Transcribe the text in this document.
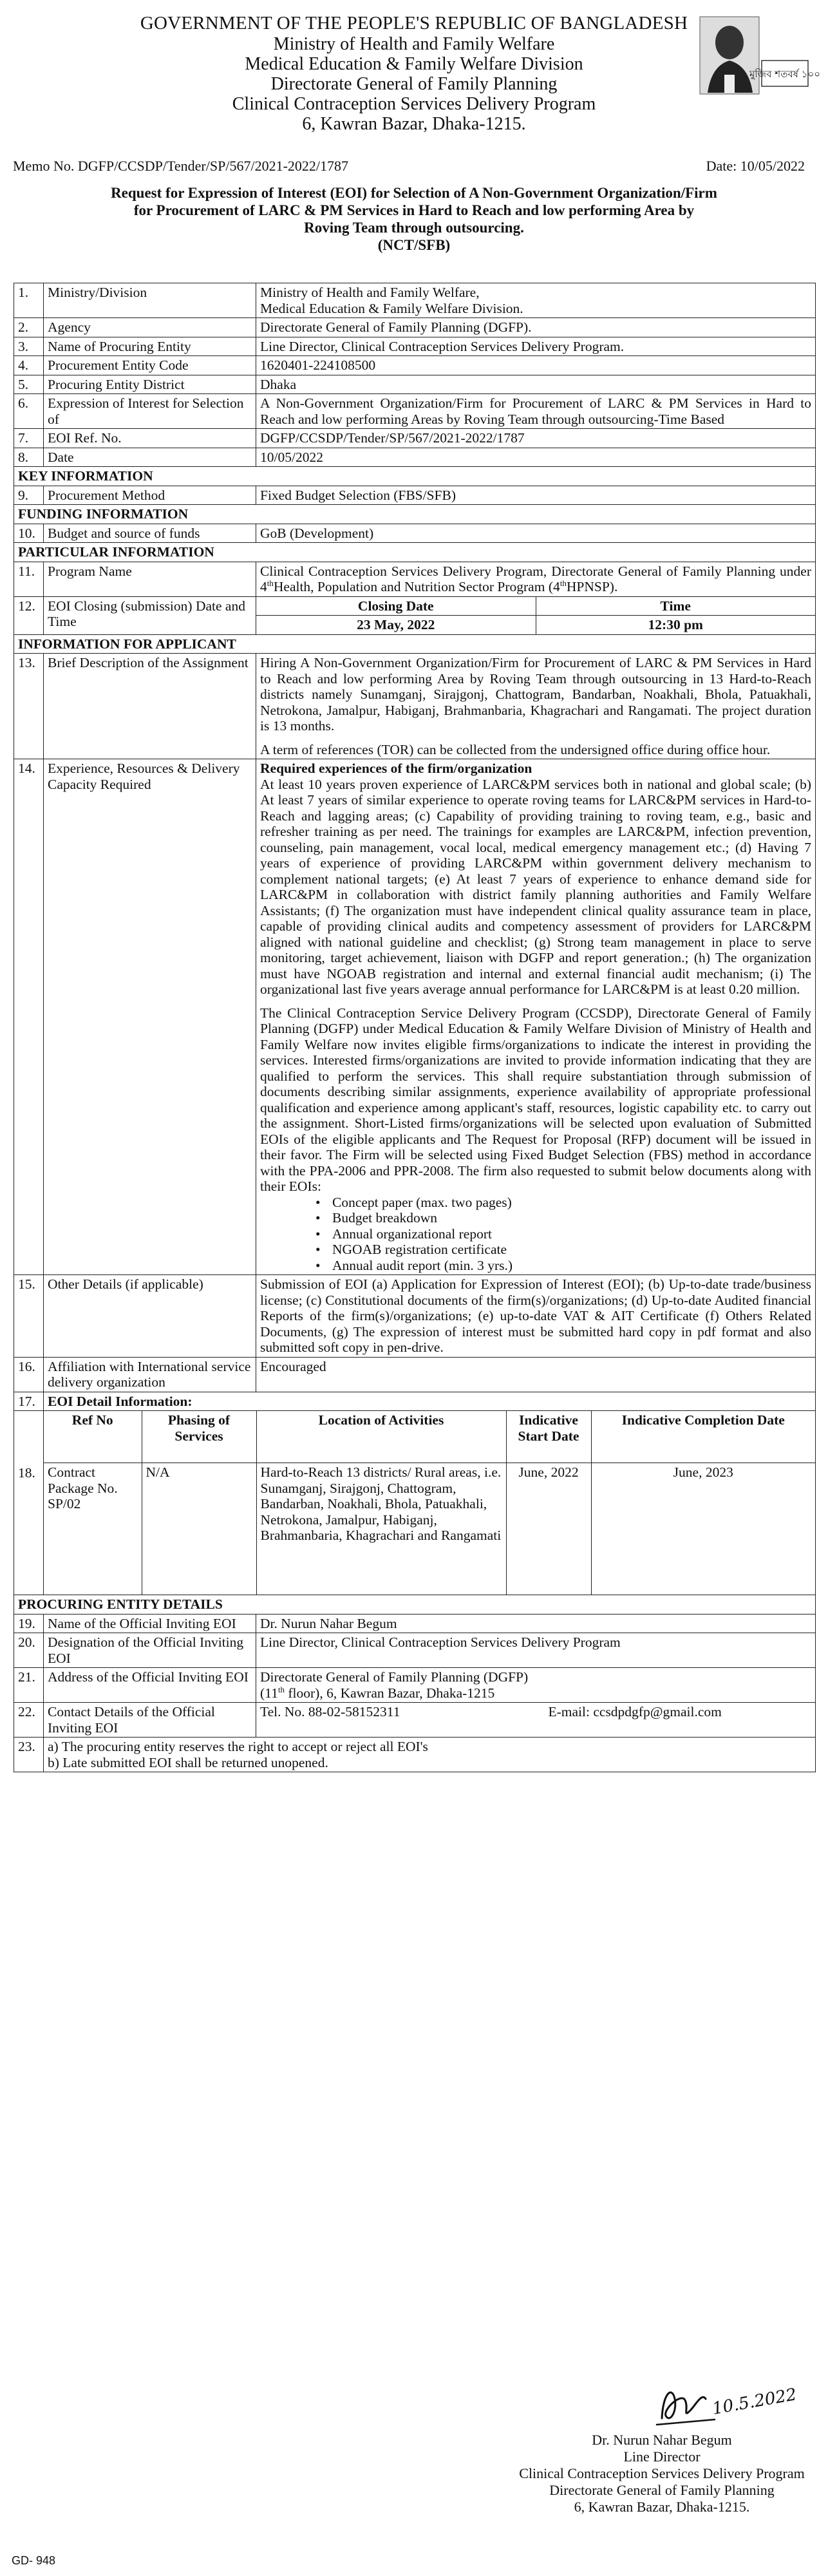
GOVERNMENT OF THE PEOPLE'S REPUBLIC OF BANGLADESH
Ministry of Health and Family Welfare
Medical Education & Family Welfare Division
Directorate General of Family Planning
Clinical Contraception Services Delivery Program
6, Kawran Bazar, Dhaka-1215.
মুজিব শতবর্ষ ১০০
Memo No. DGFP/CCSDP/Tender/SP/567/2021-2022/1787	Date: 10/05/2022
Request for Expression of Interest (EOI) for Selection of A Non-Government Organization/Firm
for Procurement of LARC & PM Services in Hard to Reach and low performing Area by
Roving Team through outsourcing.
(NCT/SFB)
1.	Ministry/Division	Ministry of Health and Family Welfare,
Medical Education & Family Welfare Division.

2.	Agency	Directorate General of Family Planning (DGFP).
3.	Name of Procuring Entity	Line Director, Clinical Contraception Services Delivery Program.
4.	Procurement Entity Code	1620401-224108500
5.	Procuring Entity District	Dhaka
6.	Expression of Interest for Selection of	A Non-Government Organization/Firm for Procurement of LARC & PM Services in Hard to Reach and low performing Areas by Roving Team through outsourcing-Time Based
7.	EOI Ref. No.	DGFP/CCSDP/Tender/SP/567/2021-2022/1787
8.	Date	10/05/2022
KEY INFORMATION
9.	Procurement Method	Fixed Budget Selection (FBS/SFB)
FUNDING INFORMATION
10.	Budget and source of funds	GoB (Development)
PARTICULAR INFORMATION
11.	Program Name	Clinical Contraception Services Delivery Program, Directorate General of Family Planning under 4thHealth, Population and Nutrition Sector Program (4thHPNSP).
12.	EOI Closing (submission) Date and Time	
Closing Date	Time
23 May, 2022	12:30 pm

INFORMATION FOR APPLICANT
13.	Brief Description of the Assignment	Hiring A Non-Government Organization/Firm for Procurement of LARC & PM Services in Hard to Reach and low performing Area by Roving Team through outsourcing in 13 Hard-to-Reach districts namely Sunamganj, Sirajgonj, Chattogram, Bandarban, Noakhali, Bhola, Patuakhali, Netrokona, Jamalpur, Habiganj, Brahmanbaria, Khagrachari and Rangamati. The project duration is 13 months.
A term of references (TOR) can be collected from the undersigned office during office hour.

14.	Experience, Resources & Delivery Capacity Required	
Required experiences of the firm/organization
At least 10 years proven experience of LARC&PM services both in national and global scale; (b) At least 7 years of similar experience to operate roving teams for LARC&PM services in Hard-to-Reach and lagging areas; (c) Capability of providing training to roving team, e.g., basic and refresher training as per need. The trainings for examples are LARC&PM, infection prevention, counseling, pain management, vocal local, medical emergency management etc.; (d) Having 7 years of experience of providing LARC&PM within government delivery mechanism to complement national targets; (e) At least 7 years of experience to enhance demand side for LARC&PM in collaboration with district family planning authorities and Family Welfare Assistants; (f) The organization must have independent clinical quality assurance team in place, capable of providing clinical audits and competency assessment of providers for LARC&PM aligned with national guideline and checklist; (g) Strong team management in place to serve monitoring, target achievement, liaison with DGFP and report generation.; (h) The organization must have NGOAB registration and internal and external financial audit mechanism; (i) The organizational last five years average annual performance for LARC&PM is at least 0.20 million.
The Clinical Contraception Service Delivery Program (CCSDP), Directorate General of Family Planning (DGFP) under Medical Education & Family Welfare Division of Ministry of Health and Family Welfare now invites eligible firms/organizations to indicate the interest in providing the services. Interested firms/organizations are invited to provide information indicating that they are qualified to perform the services. This shall require substantiation through submission of documents describing similar assignments, experience availability of appropriate professional qualification and experience among applicant's staff, resources, logistic capability etc. to carry out the assignment. Short-Listed firms/organizations will be selected upon evaluation of Submitted EOIs of the eligible applicants and The Request for Proposal (RFP) document will be issued in their favor. The Firm will be selected using Fixed Budget Selection (FBS) method in accordance with the PPA-2006 and PPR-2008. The firm also requested to submit below documents along with their EOIs:
• Concept paper (max. two pages)
• Budget breakdown
• Annual organizational report
• NGOAB registration certificate
• Annual audit report (min. 3 yrs.)

15.	Other Details (if applicable)	Submission of EOI (a) Application for Expression of Interest (EOI); (b) Up-to-date trade/business license; (c) Constitutional documents of the firm(s)/organizations; (d) Up-to-date Audited financial Reports of the firm(s)/organizations; (e) up-to-date VAT & AIT Certificate (f) Others Related Documents, (g) The expression of interest must be submitted hard copy in pdf format and also submitted soft copy in pen-drive.
16.	Affiliation with International service delivery organization	Encouraged
17.	EOI Detail Information:

18.

Ref No	Phasing of Services	Location of Activities	Indicative Start Date	Indicative Completion Date
Contract Package No. SP/02	N/A	Hard-to-Reach 13 districts/ Rural areas, i.e. Sunamganj, Sirajgonj, Chattogram, Bandarban, Noakhali, Bhola, Patuakhali, Netrokona, Jamalpur, Habiganj, Brahmanbaria, Khagrachari and Rangamati	June, 2022	June, 2023

PROCURING ENTITY DETAILS
19.	Name of the Official Inviting EOI	Dr. Nurun Nahar Begum
20.	Designation of the Official Inviting EOI	Line Director, Clinical Contraception Services Delivery Program
21.	Address of the Official Inviting EOI	Directorate General of Family Planning (DGFP)
(11th floor), 6, Kawran Bazar, Dhaka-1215

22.	Contact Details of the Official Inviting EOI	Tel. No. 88-02-58152311	E-mail: ccsdpdgfp@gmail.com

23.	a) The procuring entity reserves the right to accept or reject all EOI's
b) Late submitted EOI shall be returned unopened.
10.5.2022
Dr. Nurun Nahar Begum
Line Director
Clinical Contraception Services Delivery Program
Directorate General of Family Planning
6, Kawran Bazar, Dhaka-1215.
GD- 948
